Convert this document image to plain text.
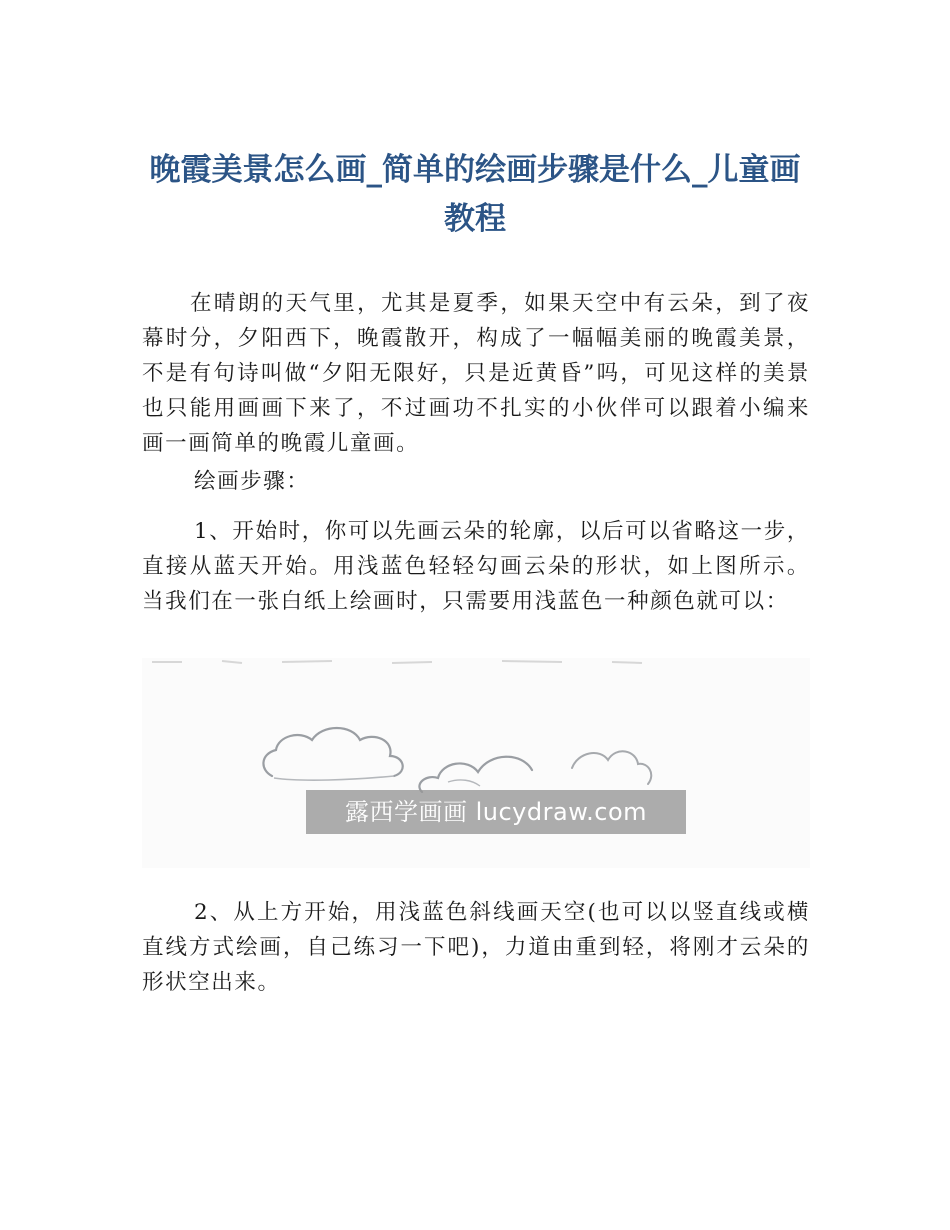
晚霞美景怎么画_简单的绘画步骤是什么_儿童画教程

在晴朗的天气里，尤其是夏季，如果天空中有云朵，到了夜幕时分，夕阳西下，晚霞散开，构成了一幅幅美丽的晚霞美景，不是有句诗叫做“夕阳无限好，只是近黄昏”吗，可见这样的美景也只能用画画下来了，不过画功不扎实的小伙伴可以跟着小编来画一画简单的晚霞儿童画。

绘画步骤：

1、开始时，你可以先画云朵的轮廓，以后可以省略这一步，直接从蓝天开始。用浅蓝色轻轻勾画云朵的形状，如上图所示。当我们在一张白纸上绘画时，只需要用浅蓝色一种颜色就可以：

露西学画画 lucydraw.com

2、从上方开始，用浅蓝色斜线画天空(也可以以竖直线或横直线方式绘画，自己练习一下吧)，力道由重到轻，将刚才云朵的形状空出来。
